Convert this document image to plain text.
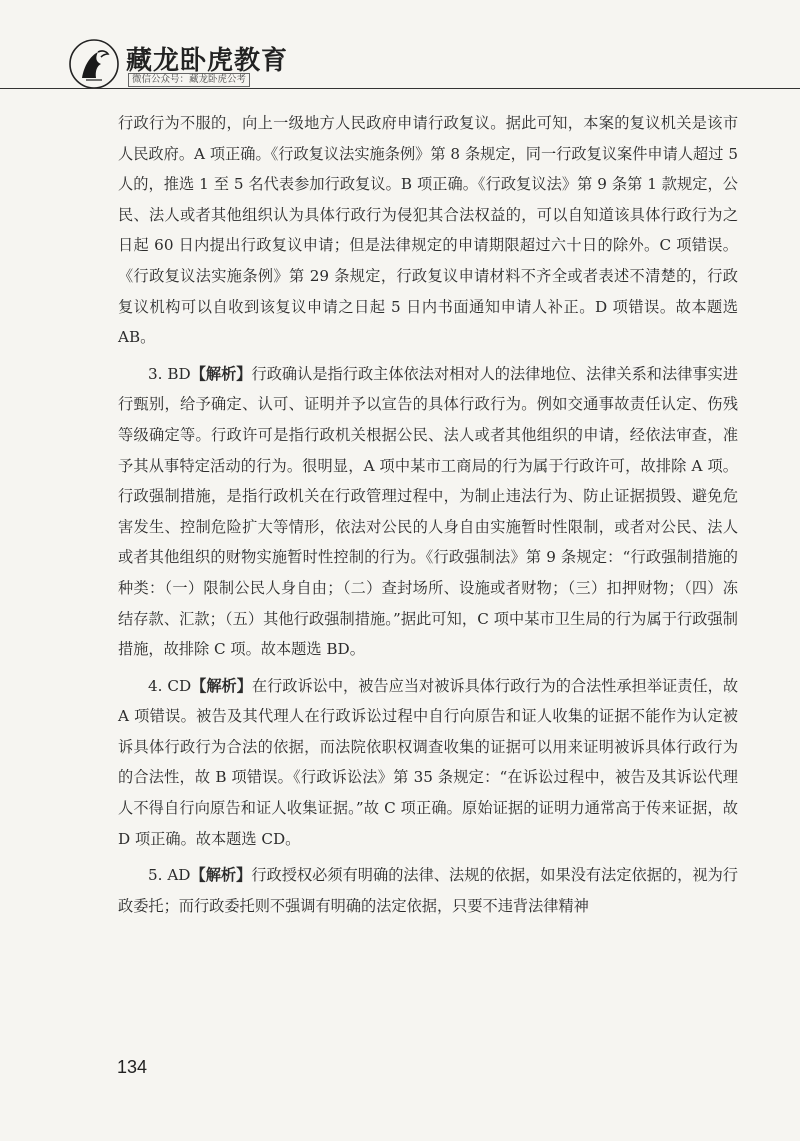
藏龙卧虎教育
微信公众号：藏龙卧虎公考

行政行为不服的，向上一级地方人民政府申请行政复议。据此可知，本案的复议机关是该市人民政府。A 项正确。《行政复议法实施条例》第 8 条规定，同一行政复议案件申请人超过 5 人的，推选 1 至 5 名代表参加行政复议。B 项正确。《行政复议法》第 9 条第 1 款规定，公民、法人或者其他组织认为具体行政行为侵犯其合法权益的，可以自知道该具体行政行为之日起 60 日内提出行政复议申请；但是法律规定的申请期限超过六十日的除外。C 项错误。《行政复议法实施条例》第 29 条规定，行政复议申请材料不齐全或者表述不清楚的，行政复议机构可以自收到该复议申请之日起 5 日内书面通知申请人补正。D 项错误。故本题选 AB。

3. BD【解析】行政确认是指行政主体依法对相对人的法律地位、法律关系和法律事实进行甄别，给予确定、认可、证明并予以宣告的具体行政行为。例如交通事故责任认定、伤残等级确定等。行政许可是指行政机关根据公民、法人或者其他组织的申请，经依法审查，准予其从事特定活动的行为。很明显，A 项中某市工商局的行为属于行政许可，故排除 A 项。行政强制措施，是指行政机关在行政管理过程中，为制止违法行为、防止证据损毁、避免危害发生、控制危险扩大等情形，依法对公民的人身自由实施暂时性限制，或者对公民、法人或者其他组织的财物实施暂时性控制的行为。《行政强制法》第 9 条规定：“行政强制措施的种类：（一）限制公民人身自由；（二）查封场所、设施或者财物；（三）扣押财物；（四）冻结存款、汇款；（五）其他行政强制措施。”据此可知，C 项中某市卫生局的行为属于行政强制措施，故排除 C 项。故本题选 BD。

4. CD【解析】在行政诉讼中，被告应当对被诉具体行政行为的合法性承担举证责任，故 A 项错误。被告及其代理人在行政诉讼过程中自行向原告和证人收集的证据不能作为认定被诉具体行政行为合法的依据，而法院依职权调查收集的证据可以用来证明被诉具体行政行为的合法性，故 B 项错误。《行政诉讼法》第 35 条规定：“在诉讼过程中，被告及其诉讼代理人不得自行向原告和证人收集证据。”故 C 项正确。原始证据的证明力通常高于传来证据，故 D 项正确。故本题选 CD。

5. AD【解析】行政授权必须有明确的法律、法规的依据，如果没有法定依据的，视为行政委托；而行政委托则不强调有明确的法定依据，只要不违背法律精神

134
